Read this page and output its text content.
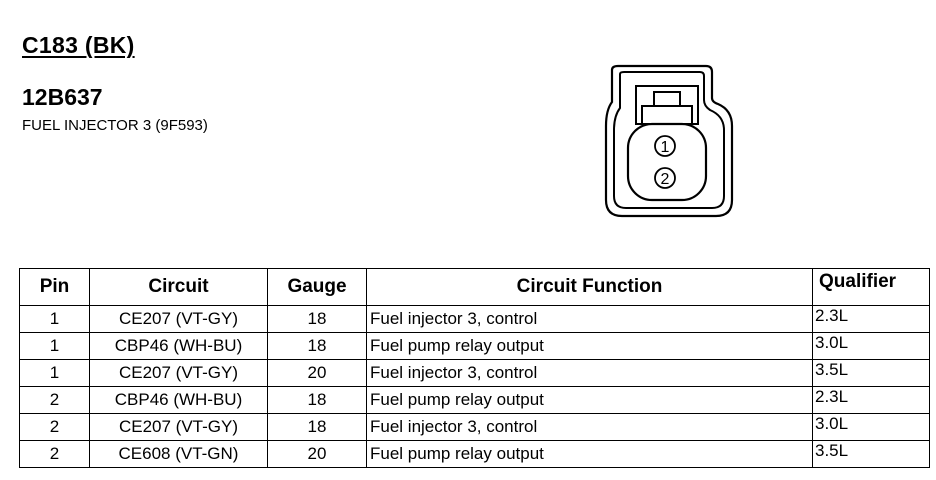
C183 (BK)
12B637
FUEL INJECTOR 3 (9F593)
1
2
Pin	Circuit	Gauge	Circuit Function	Qualifier
1	CE207 (VT-GY)	18	Fuel injector 3, control	2.3L
1	CBP46 (WH-BU)	18	Fuel pump relay output	3.0L
1	CE207 (VT-GY)	20	Fuel injector 3, control	3.5L
2	CBP46 (WH-BU)	18	Fuel pump relay output	2.3L
2	CE207 (VT-GY)	18	Fuel injector 3, control	3.0L
2	CE608 (VT-GN)	20	Fuel pump relay output	3.5L
